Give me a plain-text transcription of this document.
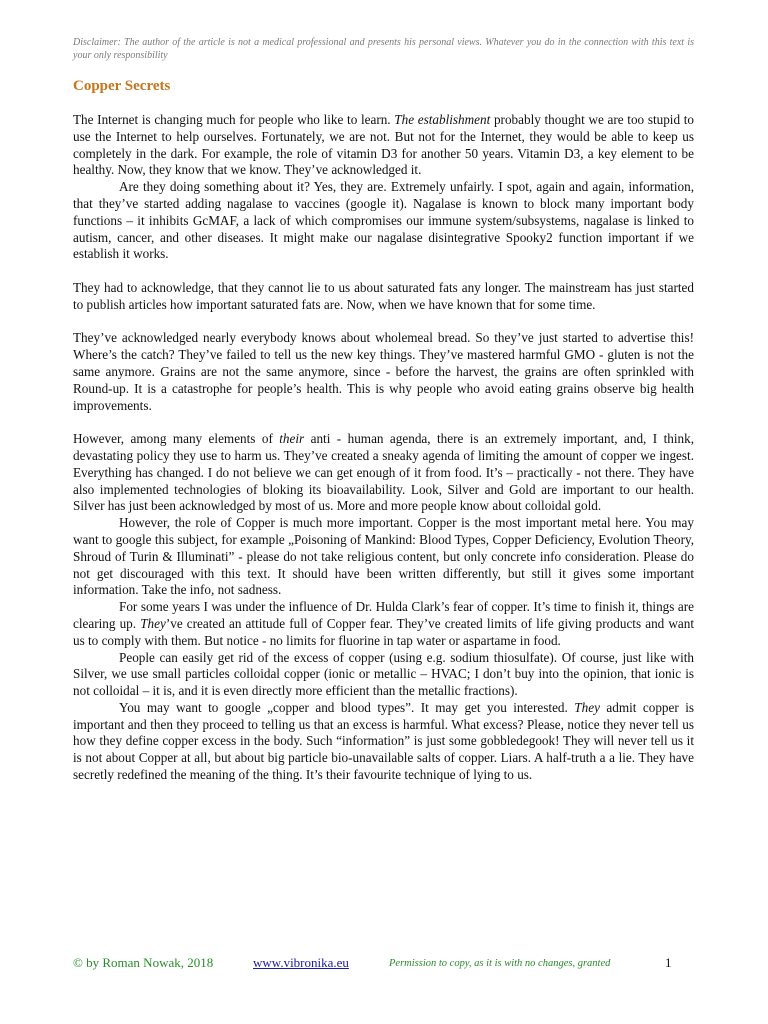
Disclaimer: The author of the article is not a medical professional and presents his personal views. Whatever you do in the connection with this text is your only responsibility

Copper Secrets

The Internet is changing much for people who like to learn. The establishment probably thought we are too stupid to use the Internet to help ourselves. Fortunately, we are not. But not for the Internet, they would be able to keep us completely in the dark. For example, the role of vitamin D3 for another 50 years. Vitamin D3, a key element to be healthy. Now, they know that we know. They’ve acknowledged it.

Are they doing something about it? Yes, they are. Extremely unfairly. I spot, again and again, information, that they’ve started adding nagalase to vaccines (google it). Nagalase is known to block many important body functions – it inhibits GcMAF, a lack of which compromises our immune system/subsystems, nagalase is linked to autism, cancer, and other diseases. It might make our nagalase disintegrative Spooky2 function important if we establish it works.

They had to acknowledge, that they cannot lie to us about saturated fats any longer. The mainstream has just started to publish articles how important saturated fats are. Now, when we have known that for some time.

They’ve acknowledged nearly everybody knows about wholemeal bread. So they’ve just started to advertise this! Where’s the catch? They’ve failed to tell us the new key things. They’ve mastered harmful GMO - gluten is not the same anymore. Grains are not the same anymore, since - before the harvest, the grains are often sprinkled with Round-up. It is a catastrophe for people’s health. This is why people who avoid eating grains observe big health improvements.

However, among many elements of their anti - human agenda, there is an extremely important, and, I think, devastating policy they use to harm us. They’ve created a sneaky agenda of limiting the amount of copper we ingest. Everything has changed. I do not believe we can get enough of it from food. It’s – practically - not there. They have also implemented technologies of bloking its bioavailability. Look, Silver and Gold are important to our health. Silver has just been acknowledged by most of us. More and more people know about colloidal gold.

However, the role of Copper is much more important. Copper is the most important metal here. You may want to google this subject, for example „Poisoning of Mankind: Blood Types, Copper Deficiency, Evolution Theory, Shroud of Turin & Illuminati” - please do not take religious content, but only concrete info consideration. Please do not get discouraged with this text. It should have been written differently, but still it gives some important information. Take the info, not sadness.

For some years I was under the influence of Dr. Hulda Clark’s fear of copper. It’s time to finish it, things are clearing up. They’ve created an attitude full of Copper fear. They’ve created limits of life giving products and want us to comply with them. But notice - no limits for fluorine in tap water or aspartame in food.

People can easily get rid of the excess of copper (using e.g. sodium thiosulfate). Of course, just like with Silver, we use small particles colloidal copper (ionic or metallic – HVAC; I don’t buy into the opinion, that ionic is not colloidal – it is, and it is even directly more efficient than the metallic fractions).

You may want to google „copper and blood types”. It may get you interested. They admit copper is important and then they proceed to telling us that an excess is harmful. What excess? Please, notice they never tell us how they define copper excess in the body. Such “information” is just some gobbledegook! They will never tell us it is not about Copper at all, but about big particle bio-unavailable salts of copper. Liars. A half-truth a a lie. They have secretly redefined the meaning of the thing. It’s their favourite technique of lying to us.

© by Roman Nowak, 2018	www.vibronika.eu	Permission to copy, as it is with no changes, granted	1
